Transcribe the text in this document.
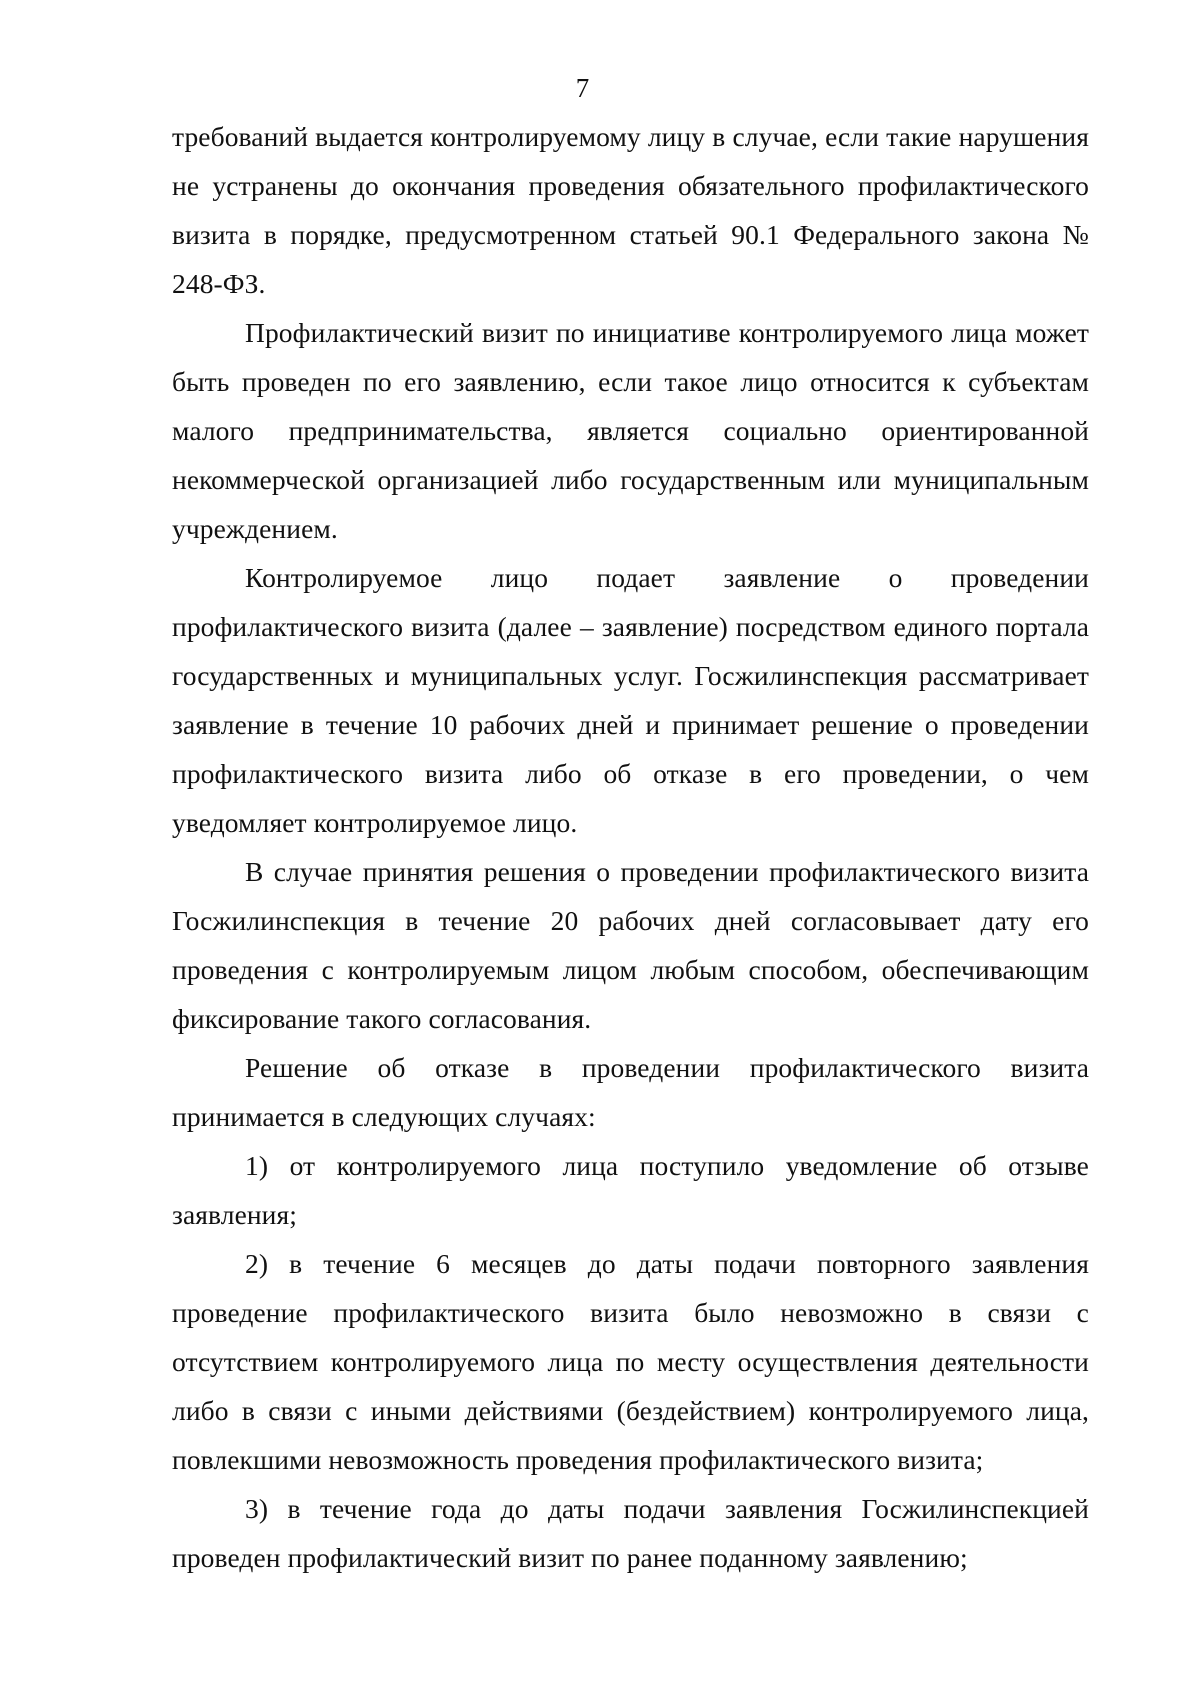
7

требований выдается контролируемому лицу в случае, если такие нарушения не устранены до окончания проведения обязательного профилактического визита в порядке, предусмотренном статьей 90.1 Федерального закона № 248-ФЗ.

Профилактический визит по инициативе контролируемого лица может быть проведен по его заявлению, если такое лицо относится к субъектам малого предпринимательства, является социально ориентированной некоммерческой организацией либо государственным или муниципальным учреждением.

Контролируемое лицо подает заявление о проведении профилактического визита (далее – заявление) посредством единого портала государственных и муниципальных услуг. Госжилинспекция рассматривает заявление в течение 10 рабочих дней и принимает решение о проведении профилактического визита либо об отказе в его проведении, о чем уведомляет контролируемое лицо.

В случае принятия решения о проведении профилактического визита Госжилинспекция в течение 20 рабочих дней согласовывает дату его проведения с контролируемым лицом любым способом, обеспечивающим фиксирование такого согласования.

Решение об отказе в проведении профилактического визита принимается в следующих случаях:

1) от контролируемого лица поступило уведомление об отзыве заявления;

2) в течение 6 месяцев до даты подачи повторного заявления проведение профилактического визита было невозможно в связи с отсутствием контролируемого лица по месту осуществления деятельности либо в связи с иными действиями (бездействием) контролируемого лица, повлекшими невозможность проведения профилактического визита;

3) в течение года до даты подачи заявления Госжилинспекцией проведен профилактический визит по ранее поданному заявлению;
